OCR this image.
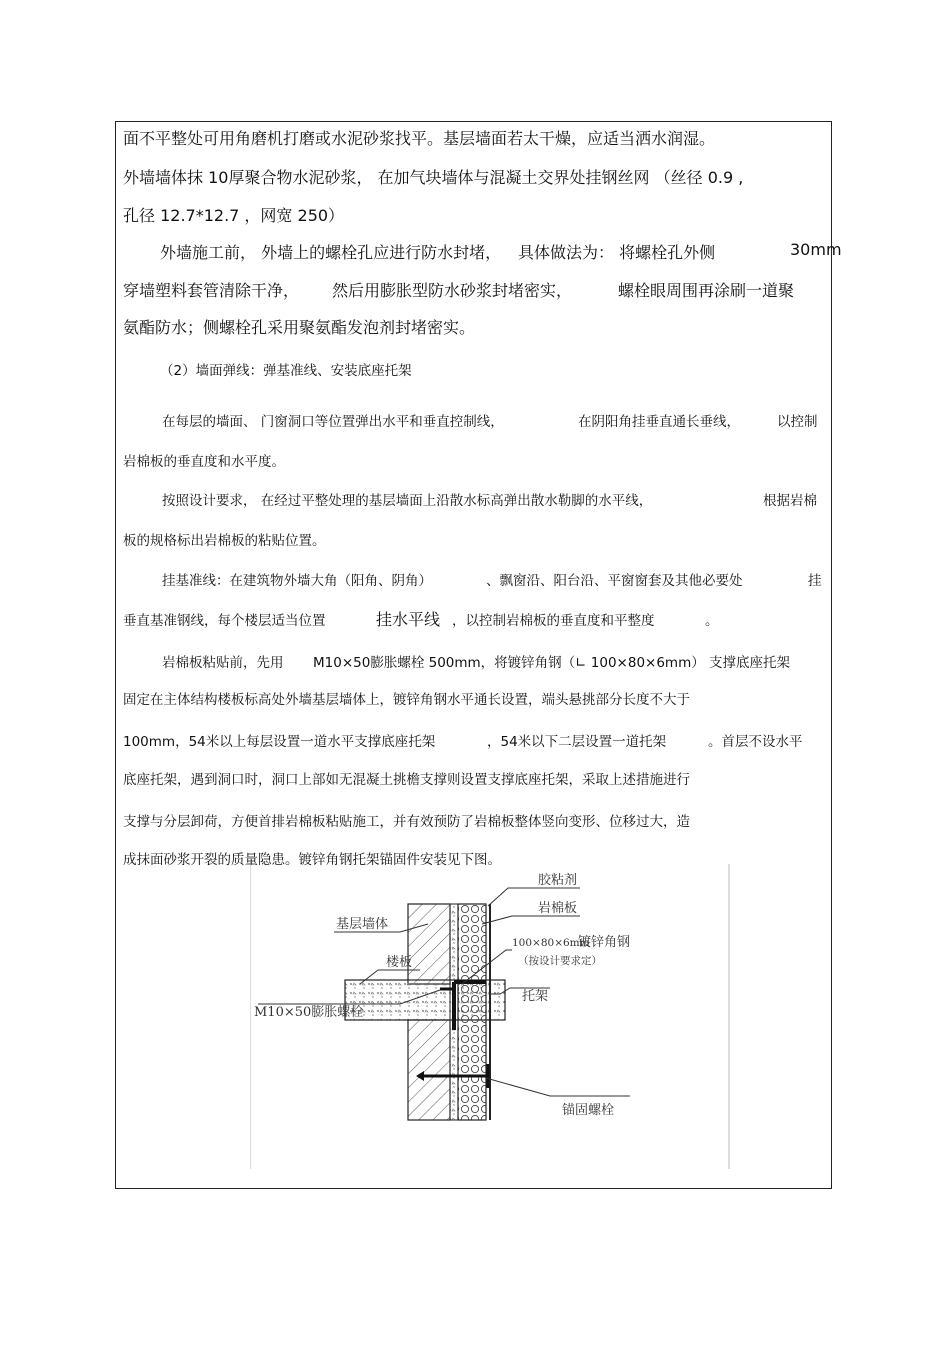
面不平整处可用角磨机打磨或水泥砂浆找平。基层墙面若太干燥，应适当洒水润湿。
外墙墙体抹 10厚聚合物水泥砂浆， 在加气块墙体与混凝土交界处挂钢丝网 （丝径 0.9 ,
孔径 12.7*12.7 ，网宽 250）
外墙施工前， 外墙上的螺栓孔应进行防水封堵， 具体做法为： 将螺栓孔外侧	30mm
穿墙塑料套管清除干净， 然后用膨胀型防水砂浆封堵密实，	螺栓眼周围再涂刷一道聚
氨酯防水；侧螺栓孔采用聚氨酯发泡剂封堵密实。
（2）墙面弹线：弹基准线、安装底座托架
在每层的墙面、 门窗洞口等位置弹出水平和垂直控制线，	在阴阳角挂垂直通长垂线，	以控制
岩棉板的垂直度和水平度。
按照设计要求， 在经过平整处理的基层墙面上沿散水标高弹出散水勒脚的水平线，	根据岩棉
板的规格标出岩棉板的粘贴位置。
挂基准线：在建筑物外墙大角（阳角、阴角）	、飘窗沿、阳台沿、平窗窗套及其他必要处	挂
垂直基准钢线，每个楼层适当位置	挂水平线 ，以控制岩棉板的垂直度和平整度	。
岩棉板粘贴前，先用 M10×50膨胀螺栓 500mm，将镀锌角钢（∟ 100×80×6mm） 支撑底座托架
固定在主体结构楼板标高处外墙基层墙体上，镀锌角钢水平通长设置，端头悬挑部分长度不大于
100mm，54米以上每层设置一道水平支撑底座托架	，54米以下二层设置一道托架	。首层不设水平
底座托架，遇到洞口时，洞口上部如无混凝土挑檐支撑则设置支撑底座托架，采取上述措施进行
支撑与分层卸荷，方便首排岩棉板粘贴施工，并有效预防了岩棉板整体竖向变形、位移过大，造
成抹面砂浆开裂的质量隐患。镀锌角钢托架锚固件安装见下图。
胶粘剂
岩棉板
基层墙体
100×80×6mm
镀锌角钢
（按设计要求定）
楼板
托架
M10×50膨胀螺栓
锚固螺栓
